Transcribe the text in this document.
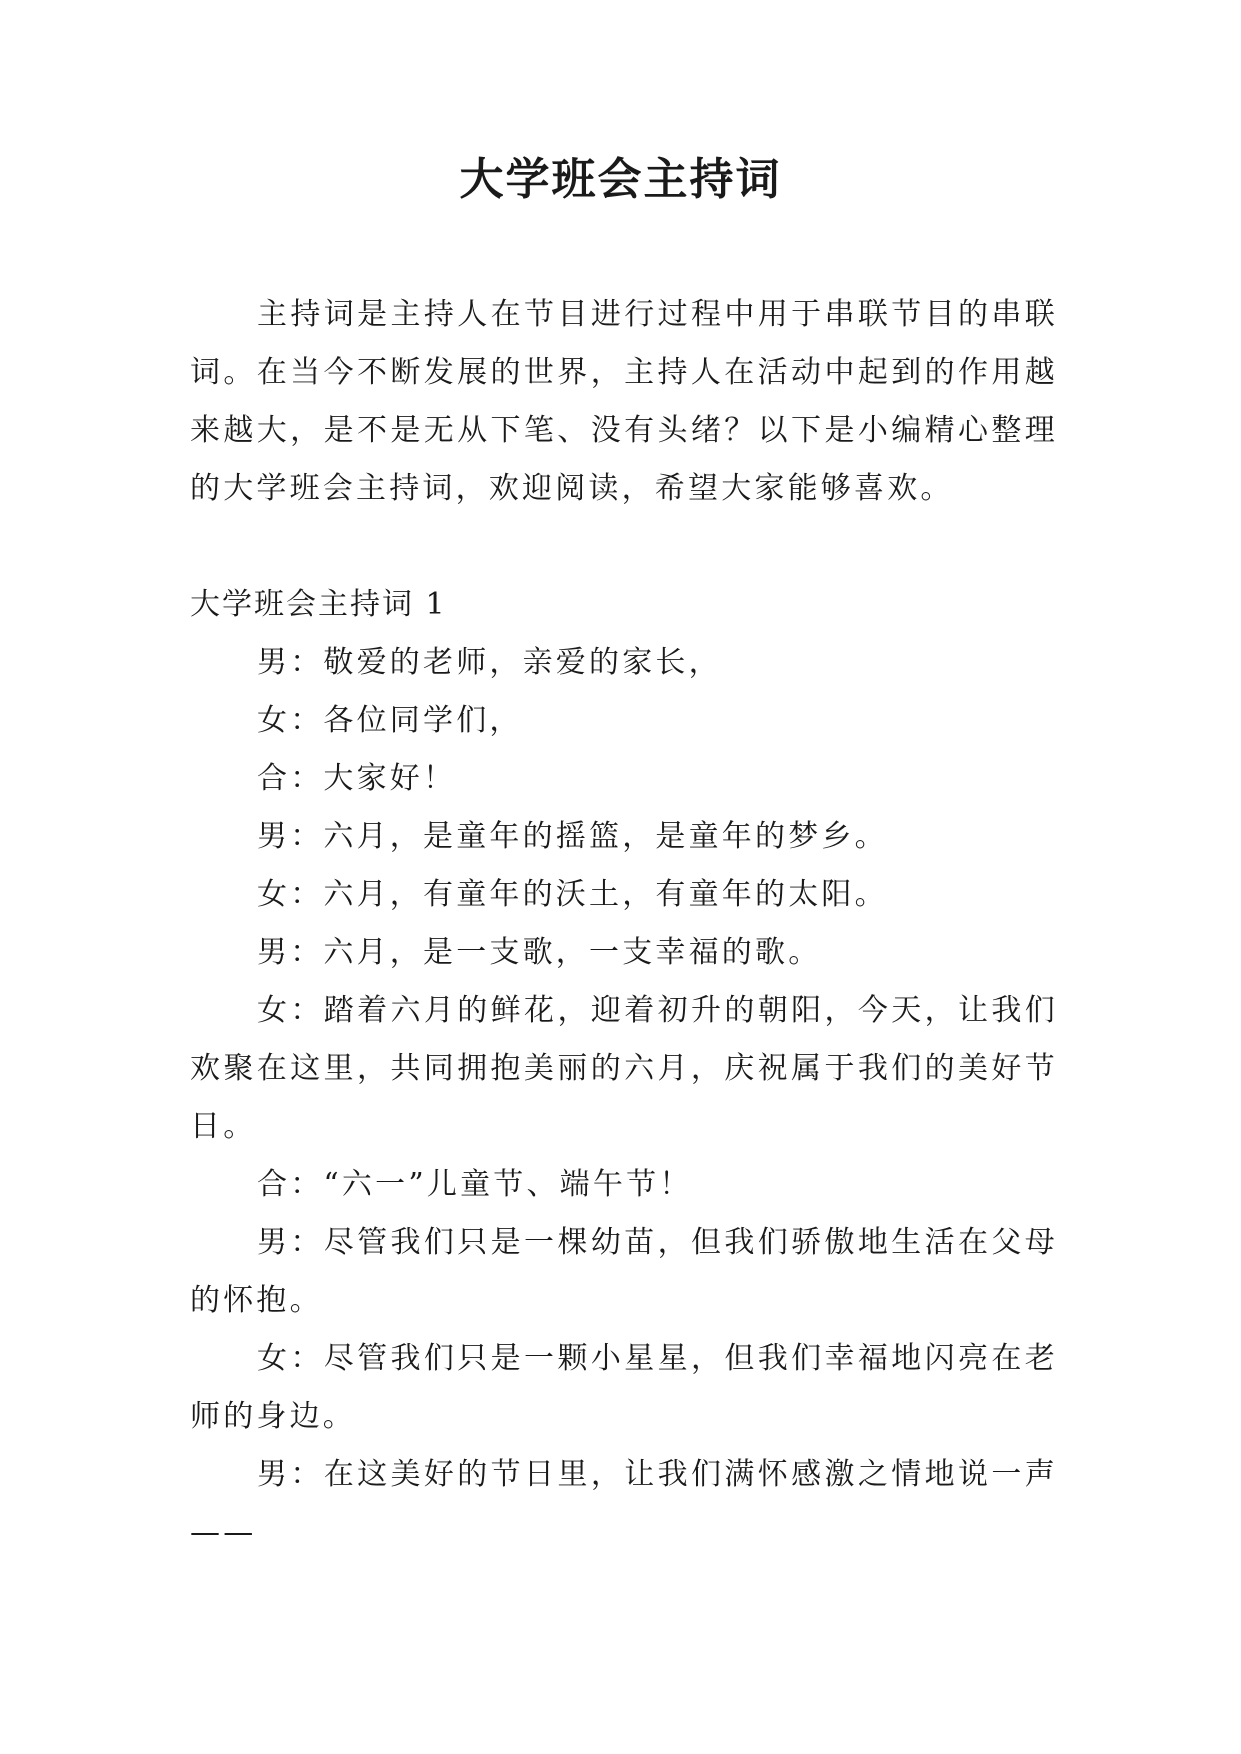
大学班会主持词

主持词是主持人在节目进行过程中用于串联节目的串联词。在当今不断发展的世界，主持人在活动中起到的作用越来越大，是不是无从下笔、没有头绪？以下是小编精心整理的大学班会主持词，欢迎阅读，希望大家能够喜欢。

大学班会主持词 1

男：敬爱的老师，亲爱的家长，

女：各位同学们，

合：大家好！

男：六月，是童年的摇篮，是童年的梦乡。

女：六月，有童年的沃土，有童年的太阳。

男：六月，是一支歌，一支幸福的歌。

女：踏着六月的鲜花，迎着初升的朝阳，今天，让我们欢聚在这里，共同拥抱美丽的六月，庆祝属于我们的美好节日。

合：“六一”儿童节、端午节！

男：尽管我们只是一棵幼苗，但我们骄傲地生活在父母的怀抱。

女：尽管我们只是一颗小星星，但我们幸福地闪亮在老师的身边。

男：在这美好的节日里，让我们满怀感激之情地说一声——
